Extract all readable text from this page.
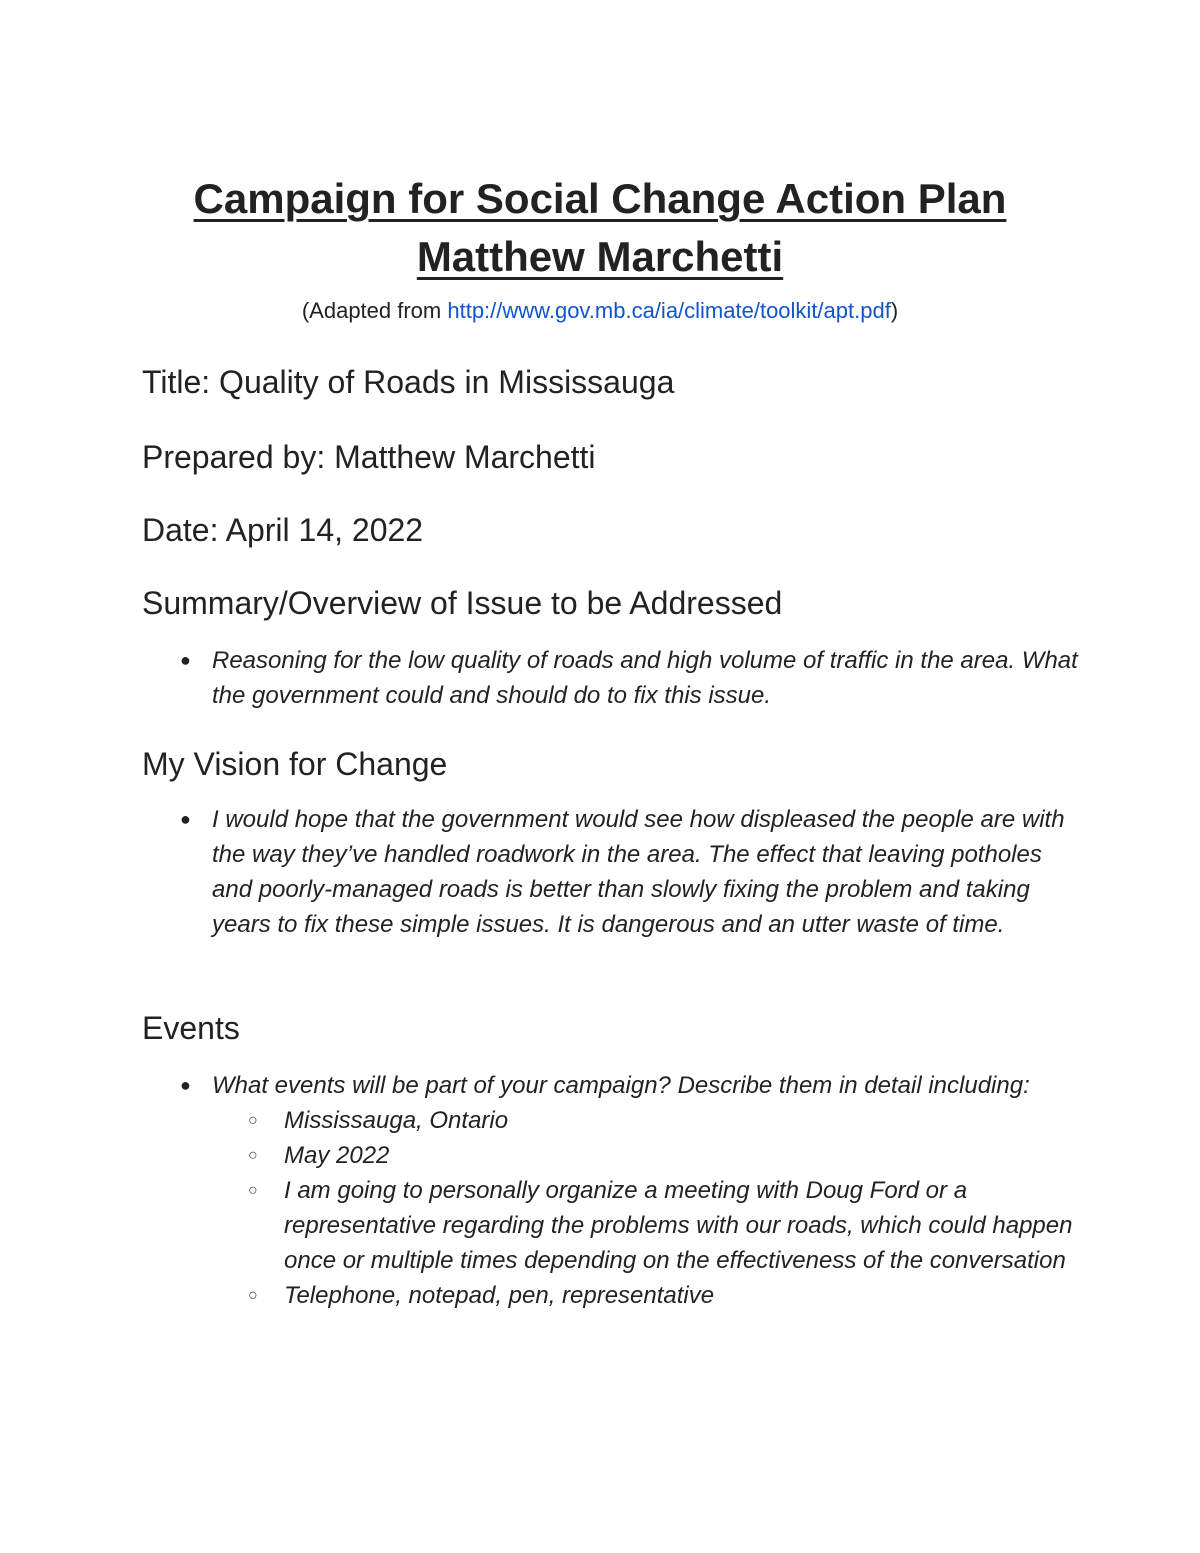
Campaign for Social Change Action Plan

Matthew Marchetti

(Adapted from http://www.gov.mb.ca/ia/climate/toolkit/apt.pdf)
Title: Quality of Roads in Mississauga
Prepared by: Matthew Marchetti
Date: April 14, 2022
Summary/Overview of Issue to be Addressed
● Reasoning for the low quality of roads and high volume of traffic in the area. What the government could and should do to fix this issue.
My Vision for Change
● I would hope that the government would see how displeased the people are with the way they’ve handled roadwork in the area. The effect that leaving potholes and poorly-managed roads is better than slowly fixing the problem and taking years to fix these simple issues. It is dangerous and an utter waste of time.
Events
● What events will be part of your campaign? Describe them in detail including:
○ Mississauga, Ontario
○ May 2022
○ I am going to personally organize a meeting with Doug Ford or a representative regarding the problems with our roads, which could happen once or multiple times depending on the effectiveness of the conversation
○ Telephone, notepad, pen, representative
